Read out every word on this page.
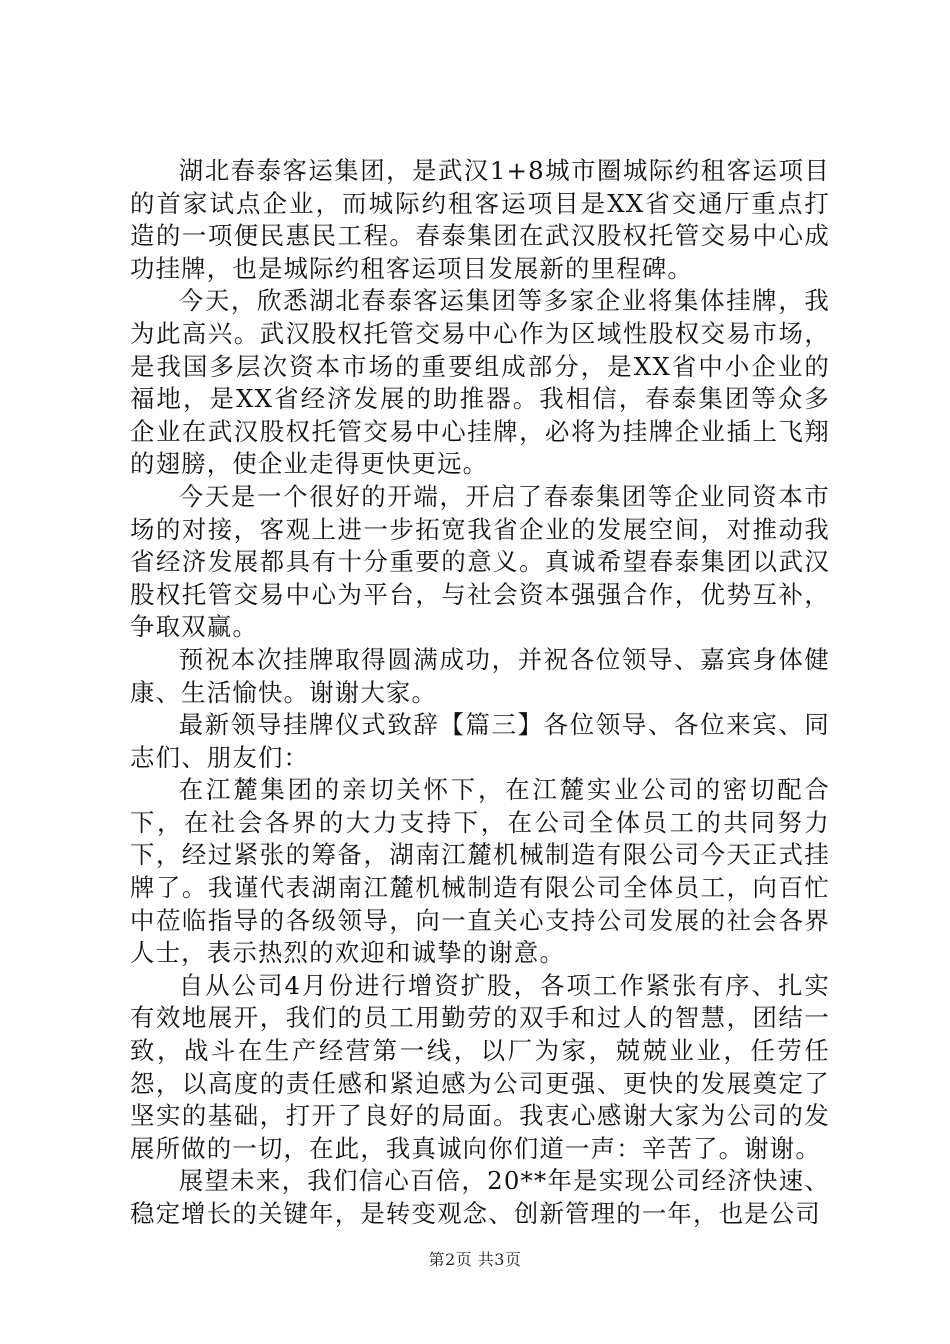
湖北春泰客运集团，是武汉1+8城市圈城际约租客运项目的首家试点企业，而城际约租客运项目是XX省交通厅重点打造的一项便民惠民工程。春泰集团在武汉股权托管交易中心成功挂牌，也是城际约租客运项目发展新的里程碑。

今天，欣悉湖北春泰客运集团等多家企业将集体挂牌，我为此高兴。武汉股权托管交易中心作为区域性股权交易市场，是我国多层次资本市场的重要组成部分，是XX省中小企业的福地，是XX省经济发展的助推器。我相信，春泰集团等众多企业在武汉股权托管交易中心挂牌，必将为挂牌企业插上飞翔的翅膀，使企业走得更快更远。

今天是一个很好的开端，开启了春泰集团等企业同资本市场的对接，客观上进一步拓宽我省企业的发展空间，对推动我省经济发展都具有十分重要的意义。真诚希望春泰集团以武汉股权托管交易中心为平台，与社会资本强强合作，优势互补，争取双赢。

预祝本次挂牌取得圆满成功，并祝各位领导、嘉宾身体健康、生活愉快。谢谢大家。

最新领导挂牌仪式致辞【篇三】各位领导、各位来宾、同志们、朋友们：

在江麓集团的亲切关怀下，在江麓实业公司的密切配合下，在社会各界的大力支持下，在公司全体员工的共同努力下，经过紧张的筹备，湖南江麓机械制造有限公司今天正式挂牌了。我谨代表湖南江麓机械制造有限公司全体员工，向百忙中莅临指导的各级领导，向一直关心支持公司发展的社会各界人士，表示热烈的欢迎和诚挚的谢意。

自从公司4月份进行增资扩股，各项工作紧张有序、扎实有效地展开，我们的员工用勤劳的双手和过人的智慧，团结一致，战斗在生产经营第一线，以厂为家，兢兢业业，任劳任怨，以高度的责任感和紧迫感为公司更强、更快的发展奠定了坚实的基础，打开了良好的局面。我衷心感谢大家为公司的发展所做的一切，在此，我真诚向你们道一声：辛苦了。谢谢。

展望未来，我们信心百倍，20**年是实现公司经济快速、稳定增长的关键年，是转变观念、创新管理的一年，也是公司

第2页 共3页
